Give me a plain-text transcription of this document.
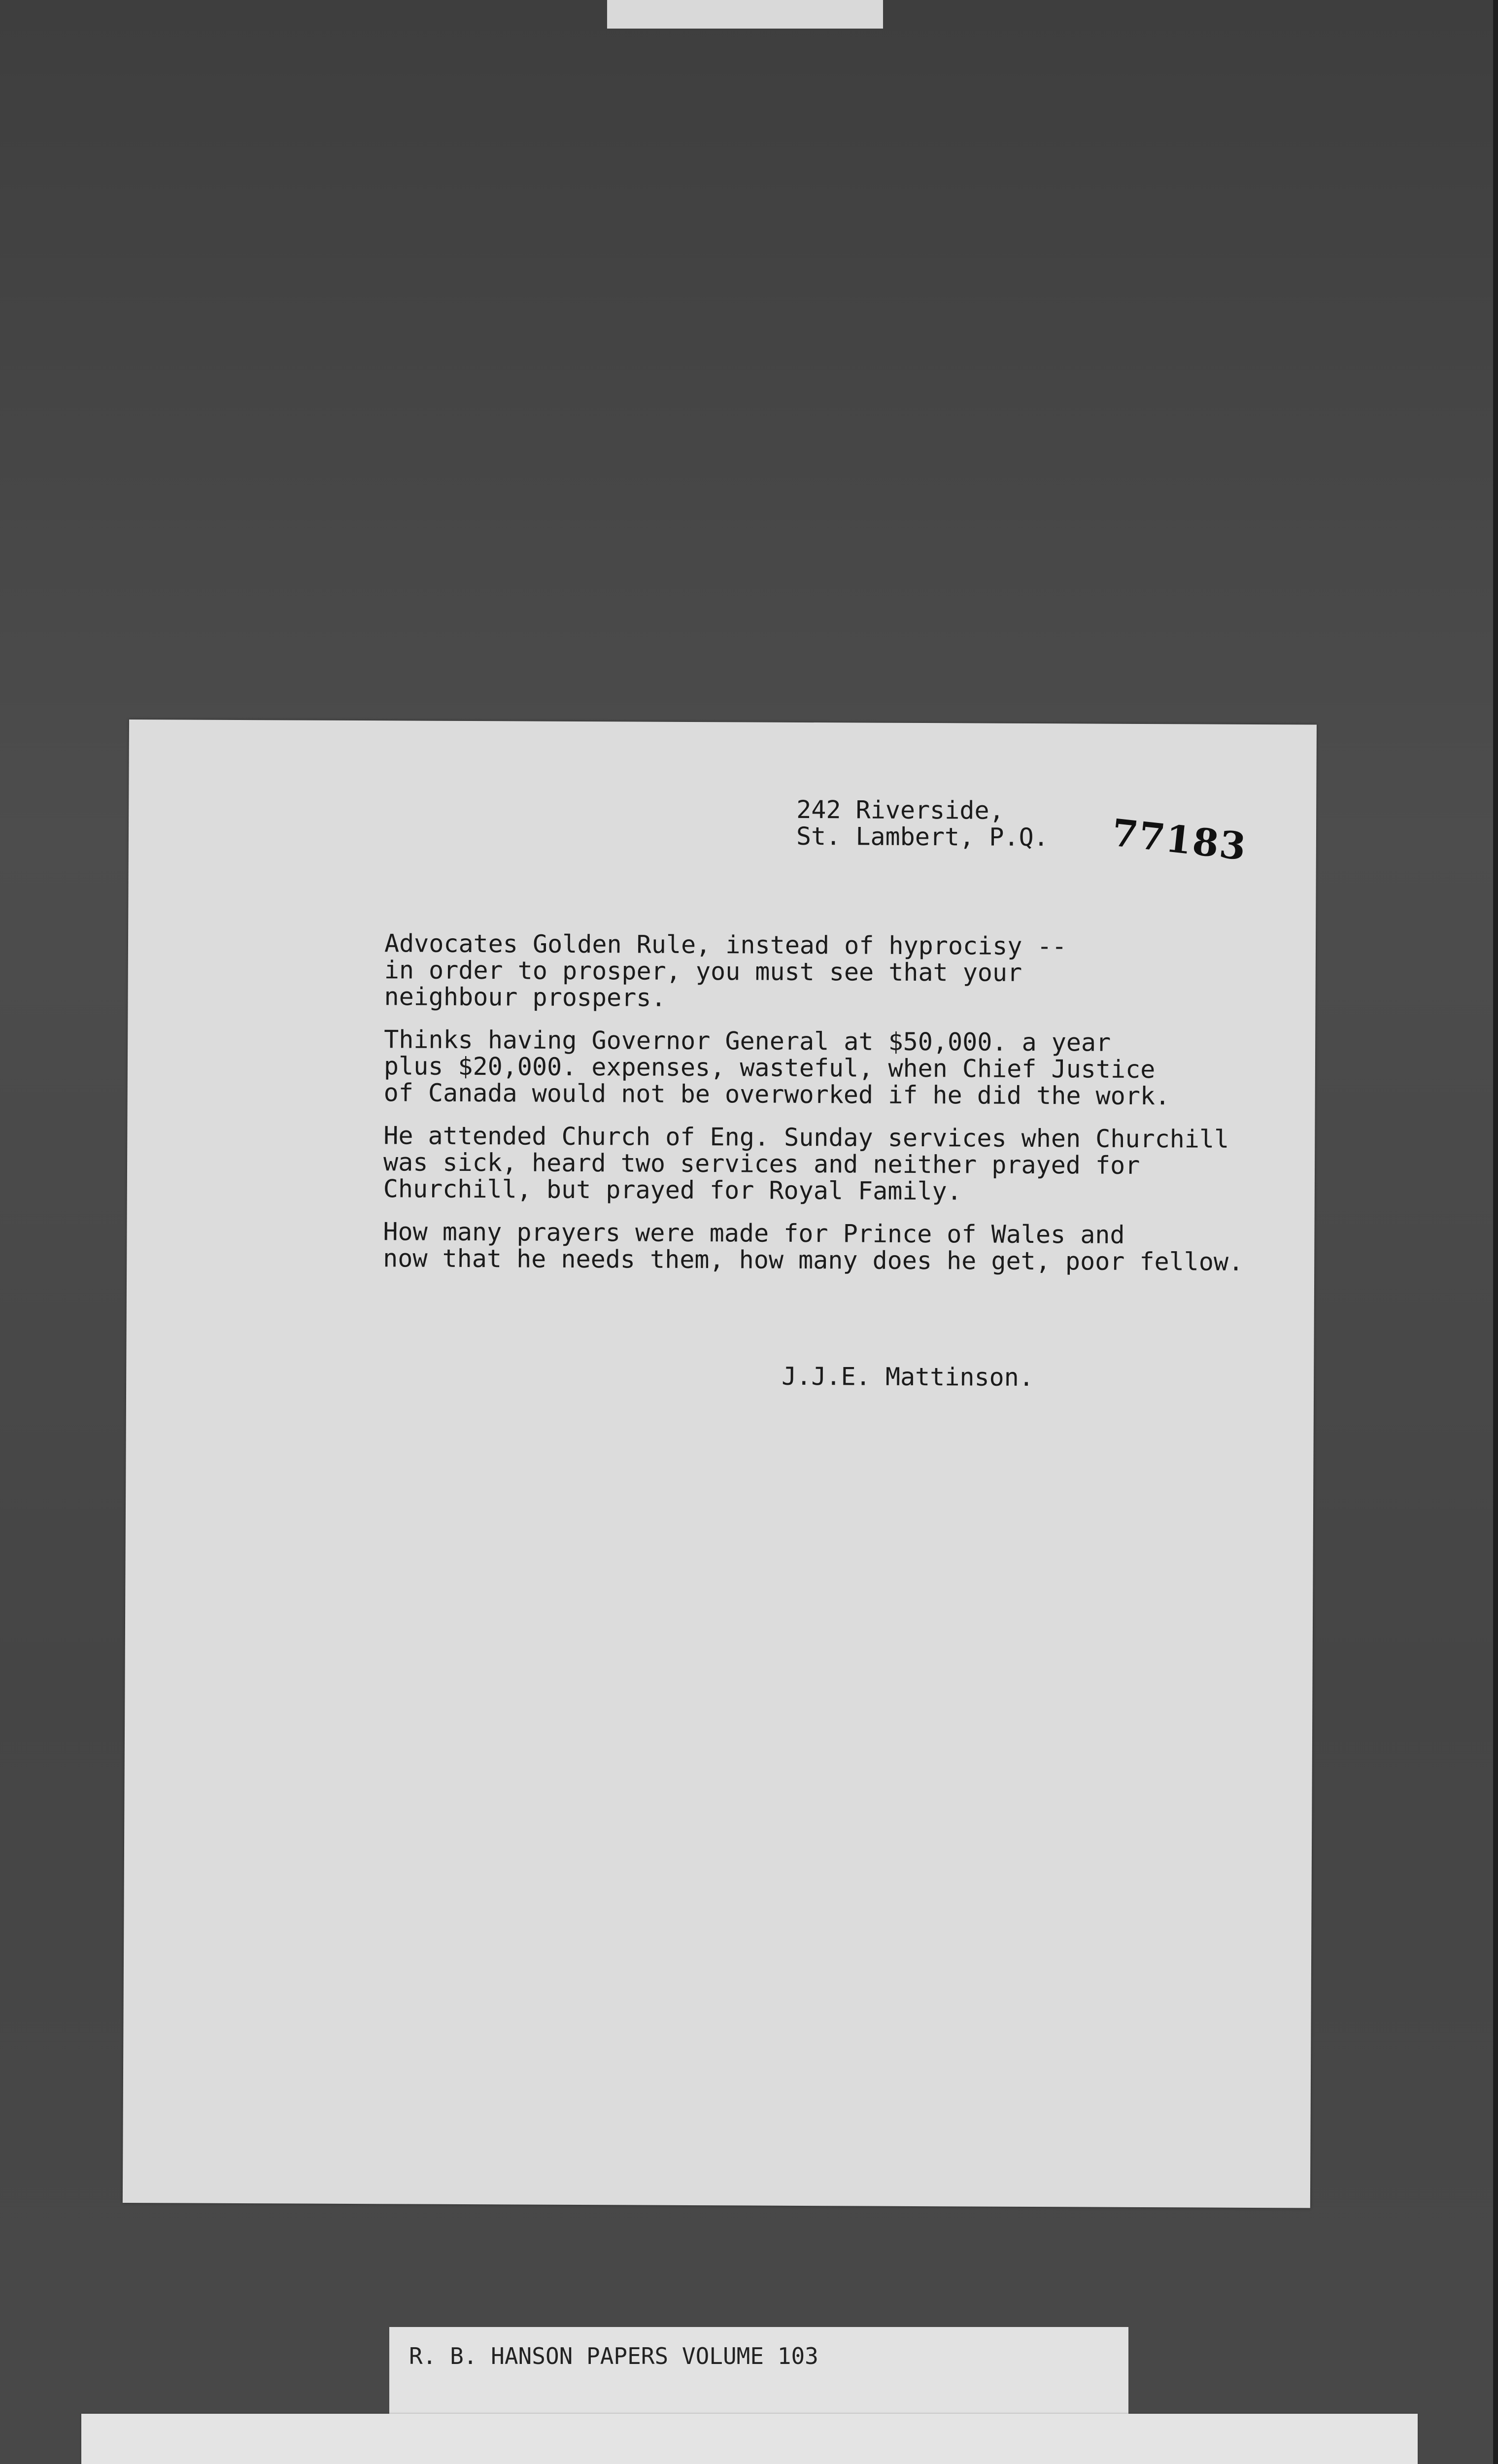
242 Riverside,
St. Lambert, P.Q. 77183
Advocates Golden Rule, instead of hyprocisy --
in order to prosper, you must see that your
neighbour prospers.
Thinks having Governor General at $50,000. a year
plus $20,000. expenses, wasteful, when Chief Justice
of Canada would not be overworked if he did the work.
He attended Church of Eng. Sunday services when Churchill
was sick, heard two services and neither prayed for
Churchill, but prayed for Royal Family.
How many prayers were made for Prince of Wales and
now that he needs them, how many does he get, poor fellow.
J.J.E. Mattinson.
R. B. HANSON PAPERS VOLUME 103
